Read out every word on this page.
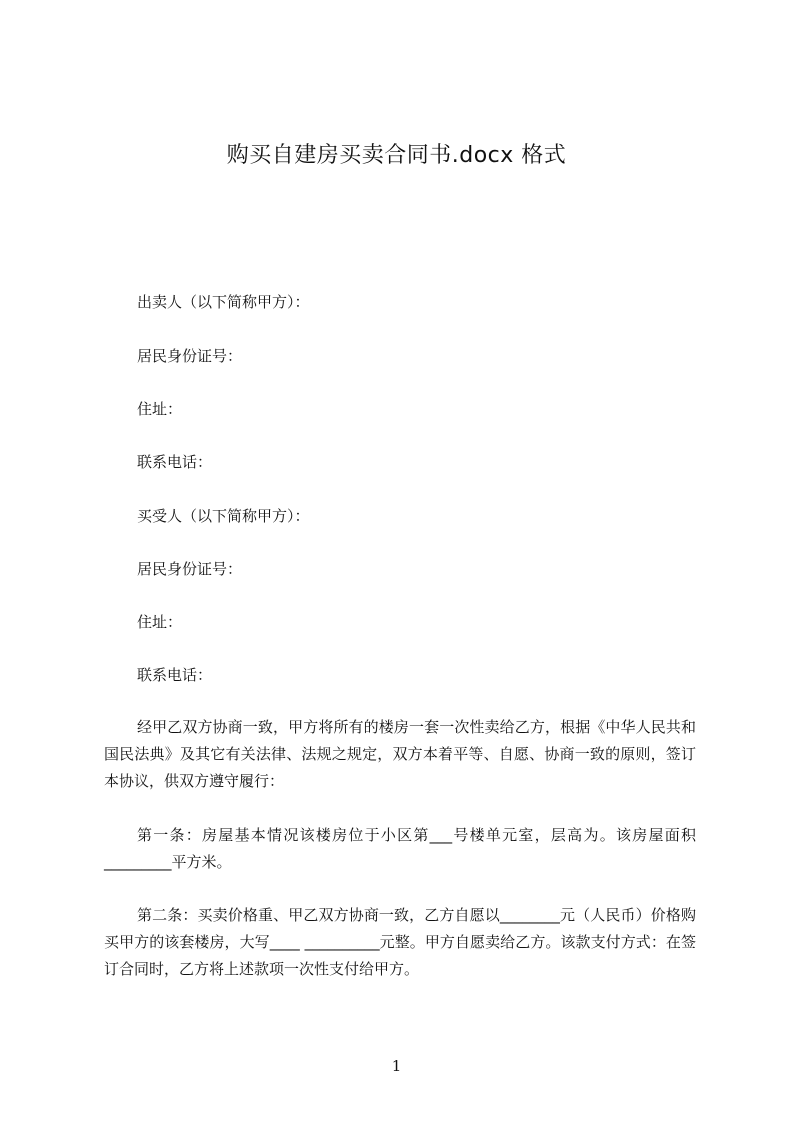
购买自建房买卖合同书.docx 格式
出卖人（以下简称甲方）：
居民身份证号：
住址：
联系电话：
买受人（以下简称甲方）：
居民身份证号：
住址：
联系电话：
经甲乙双方协商一致，甲方将所有的楼房一套一次性卖给乙方，根据《中华人民共和国民法典》及其它有关法律、法规之规定，双方本着平等、自愿、协商一致的原则，签订本协议，供双方遵守履行：
第一条：房屋基本情况该楼房位于小区第___号楼单元室，层高为。该房屋面积_________平方米。
第二条：买卖价格重、甲乙双方协商一致，乙方自愿以________元（人民币）价格购买甲方的该套楼房，大写____ __________元整。甲方自愿卖给乙方。该款支付方式：在签订合同时，乙方将上述款项一次性支付给甲方。
1
